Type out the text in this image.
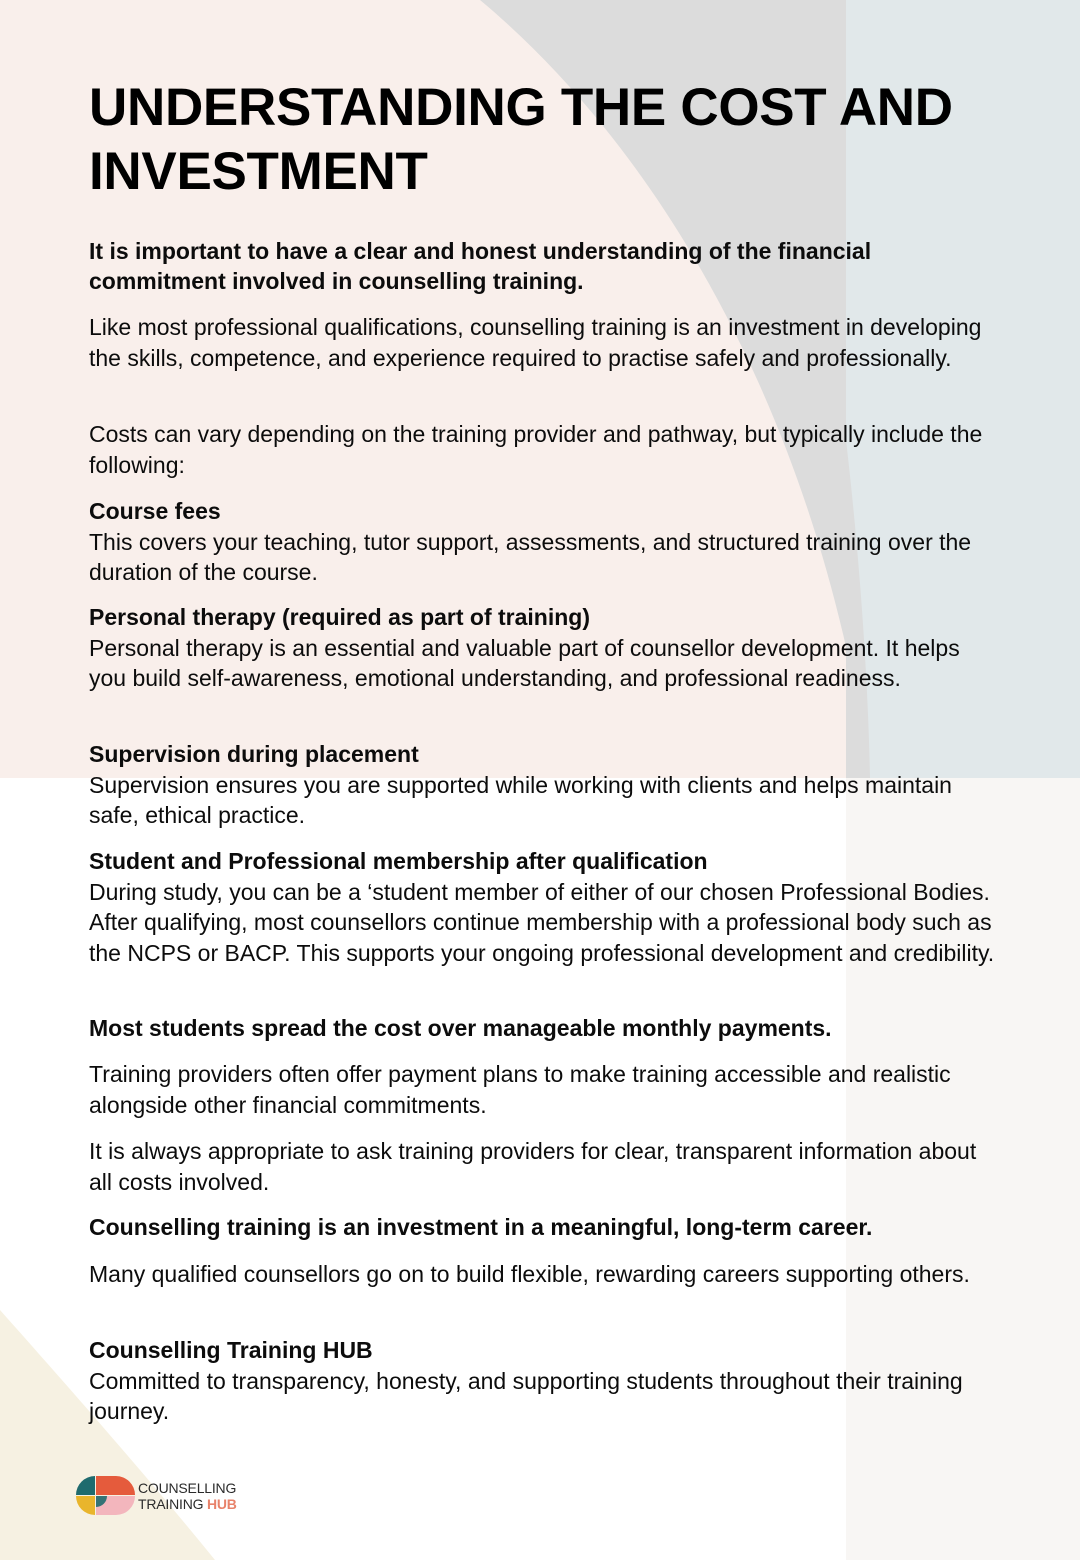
UNDERSTANDING THE COST AND INVESTMENT

It is important to have a clear and honest understanding of the financial commitment involved in counselling training.

Like most professional qualifications, counselling training is an investment in developing the skills, competence, and experience required to practise safely and professionally.

Costs can vary depending on the training provider and pathway, but typically include the following:

Course fees

This covers your teaching, tutor support, assessments, and structured training over the duration of the course.

Personal therapy (required as part of training)

Personal therapy is an essential and valuable part of counsellor development. It helps you build self-awareness, emotional understanding, and professional readiness.

Supervision during placement

Supervision ensures you are supported while working with clients and helps maintain safe, ethical practice.

Student and Professional membership after qualification

During study, you can be a ‘student member of either of our chosen Professional Bodies. After qualifying, most counsellors continue membership with a professional body such as the NCPS or BACP. This supports your ongoing professional development and credibility.

Most students spread the cost over manageable monthly payments.

Training providers often offer payment plans to make training accessible and realistic alongside other financial commitments.

It is always appropriate to ask training providers for clear, transparent information about all costs involved.

Counselling training is an investment in a meaningful, long-term career.

Many qualified counsellors go on to build flexible, rewarding careers supporting others.

Counselling Training HUB

Committed to transparency, honesty, and supporting students throughout their training journey.

COUNSELLING
TRAINING HUB
